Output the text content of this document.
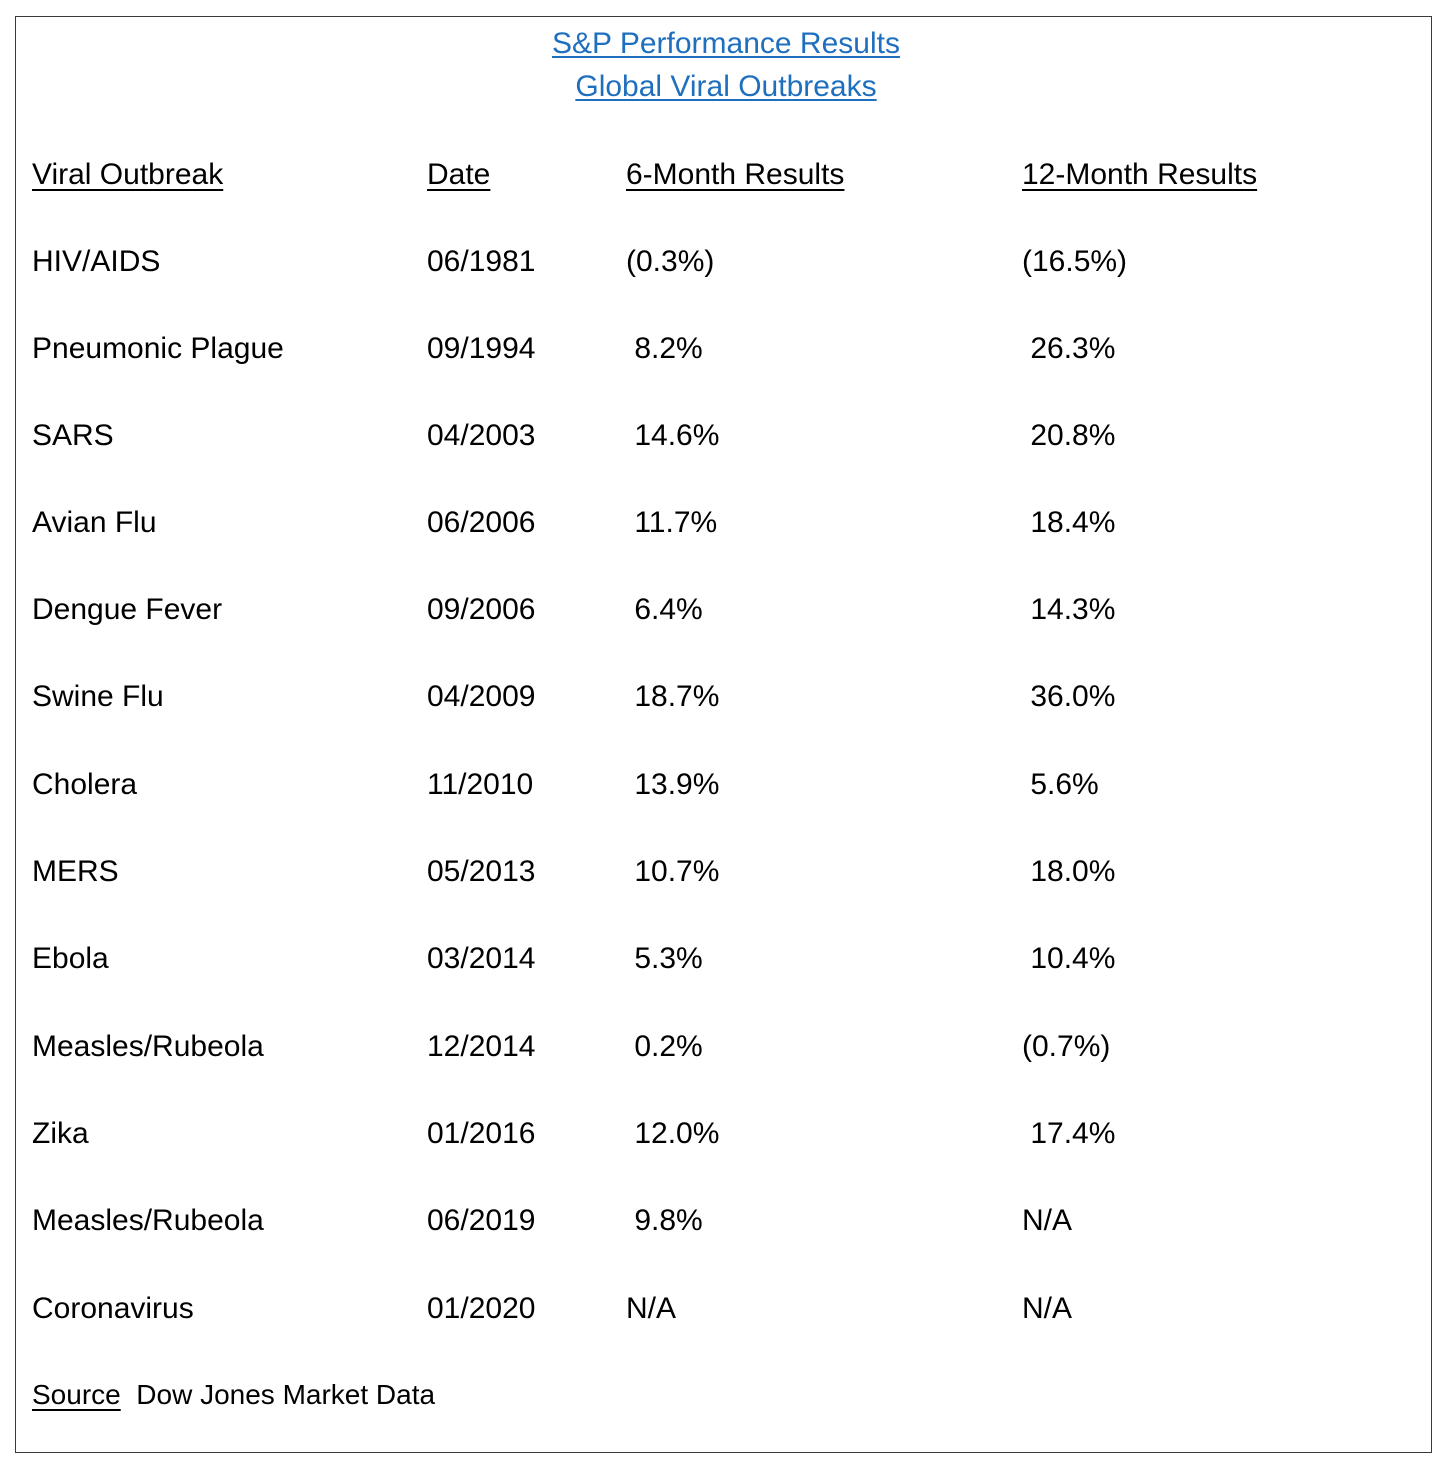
S&P Performance Results
Global Viral Outbreaks
Viral Outbreak	Date	6-Month Results	12-Month Results
HIV/AIDS	06/1981	(0.3%)	(16.5%)
Pneumonic Plague	09/1994	8.2%	26.3%
SARS	04/2003	14.6%	20.8%
Avian Flu	06/2006	11.7%	18.4%
Dengue Fever	09/2006	6.4%	14.3%
Swine Flu	04/2009	18.7%	36.0%
Cholera	11/2010	13.9%	5.6%
MERS	05/2013	10.7%	18.0%
Ebola	03/2014	5.3%	10.4%
Measles/Rubeola	12/2014	0.2%	(0.7%)
Zika	01/2016	12.0%	17.4%
Measles/Rubeola	06/2019	9.8%	N/A
Coronavirus	01/2020	N/A	N/A
Source Dow Jones Market Data
